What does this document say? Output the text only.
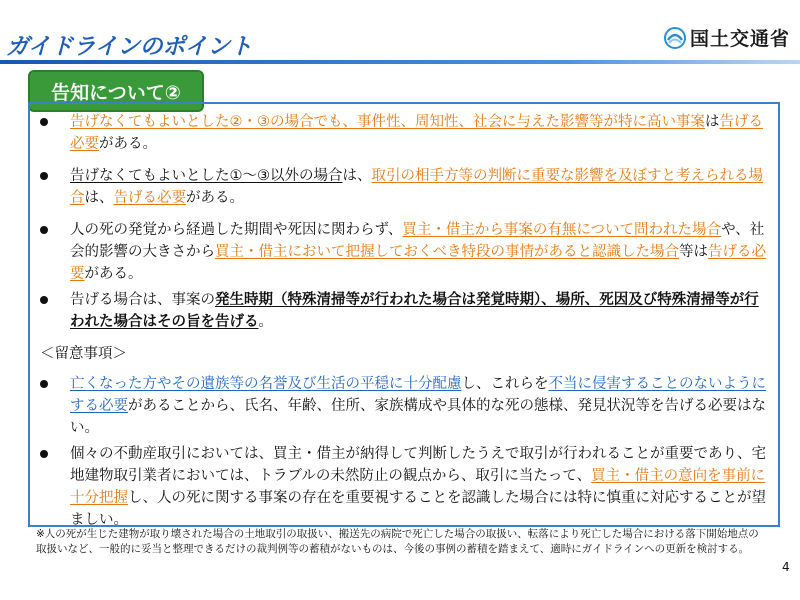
ガイドラインのポイント	国土交通省
告知について②
告げなくてもよいとした②・③の場合でも、事件性、周知性、社会に与えた影響等が特に高い事案は告げる必要がある。
告げなくてもよいとした①～③以外の場合は、取引の相手方等の判断に重要な影響を及ぼすと考えられる場合は、告げる必要がある。
人の死の発覚から経過した期間や死因に関わらず、買主・借主から事案の有無について問われた場合や、社会的影響の大きさから買主・借主において把握しておくべき特段の事情があると認識した場合等は告げる必要がある。
告げる場合は、事案の発生時期（特殊清掃等が行われた場合は発覚時期）、場所、死因及び特殊清掃等が行われた場合はその旨を告げる。
＜留意事項＞
亡くなった方やその遺族等の名誉及び生活の平穏に十分配慮し、これらを不当に侵害することのないようにする必要があることから、氏名、年齢、住所、家族構成や具体的な死の態様、発見状況等を告げる必要はない。
個々の不動産取引においては、買主・借主が納得して判断したうえで取引が行われることが重要であり、宅地建物取引業者においては、トラブルの未然防止の観点から、取引に当たって、買主・借主の意向を事前に十分把握し、人の死に関する事案の存在を重要視することを認識した場合には特に慎重に対応することが望ましい。
※人の死が生じた建物が取り壊された場合の土地取引の取扱い、搬送先の病院で死亡した場合の取扱い、転落により死亡した場合における落下開始地点の取扱いなど、一般的に妥当と整理できるだけの裁判例等の蓄積がないものは、今後の事例の蓄積を踏まえて、適時にガイドラインへの更新を検討する。
4
